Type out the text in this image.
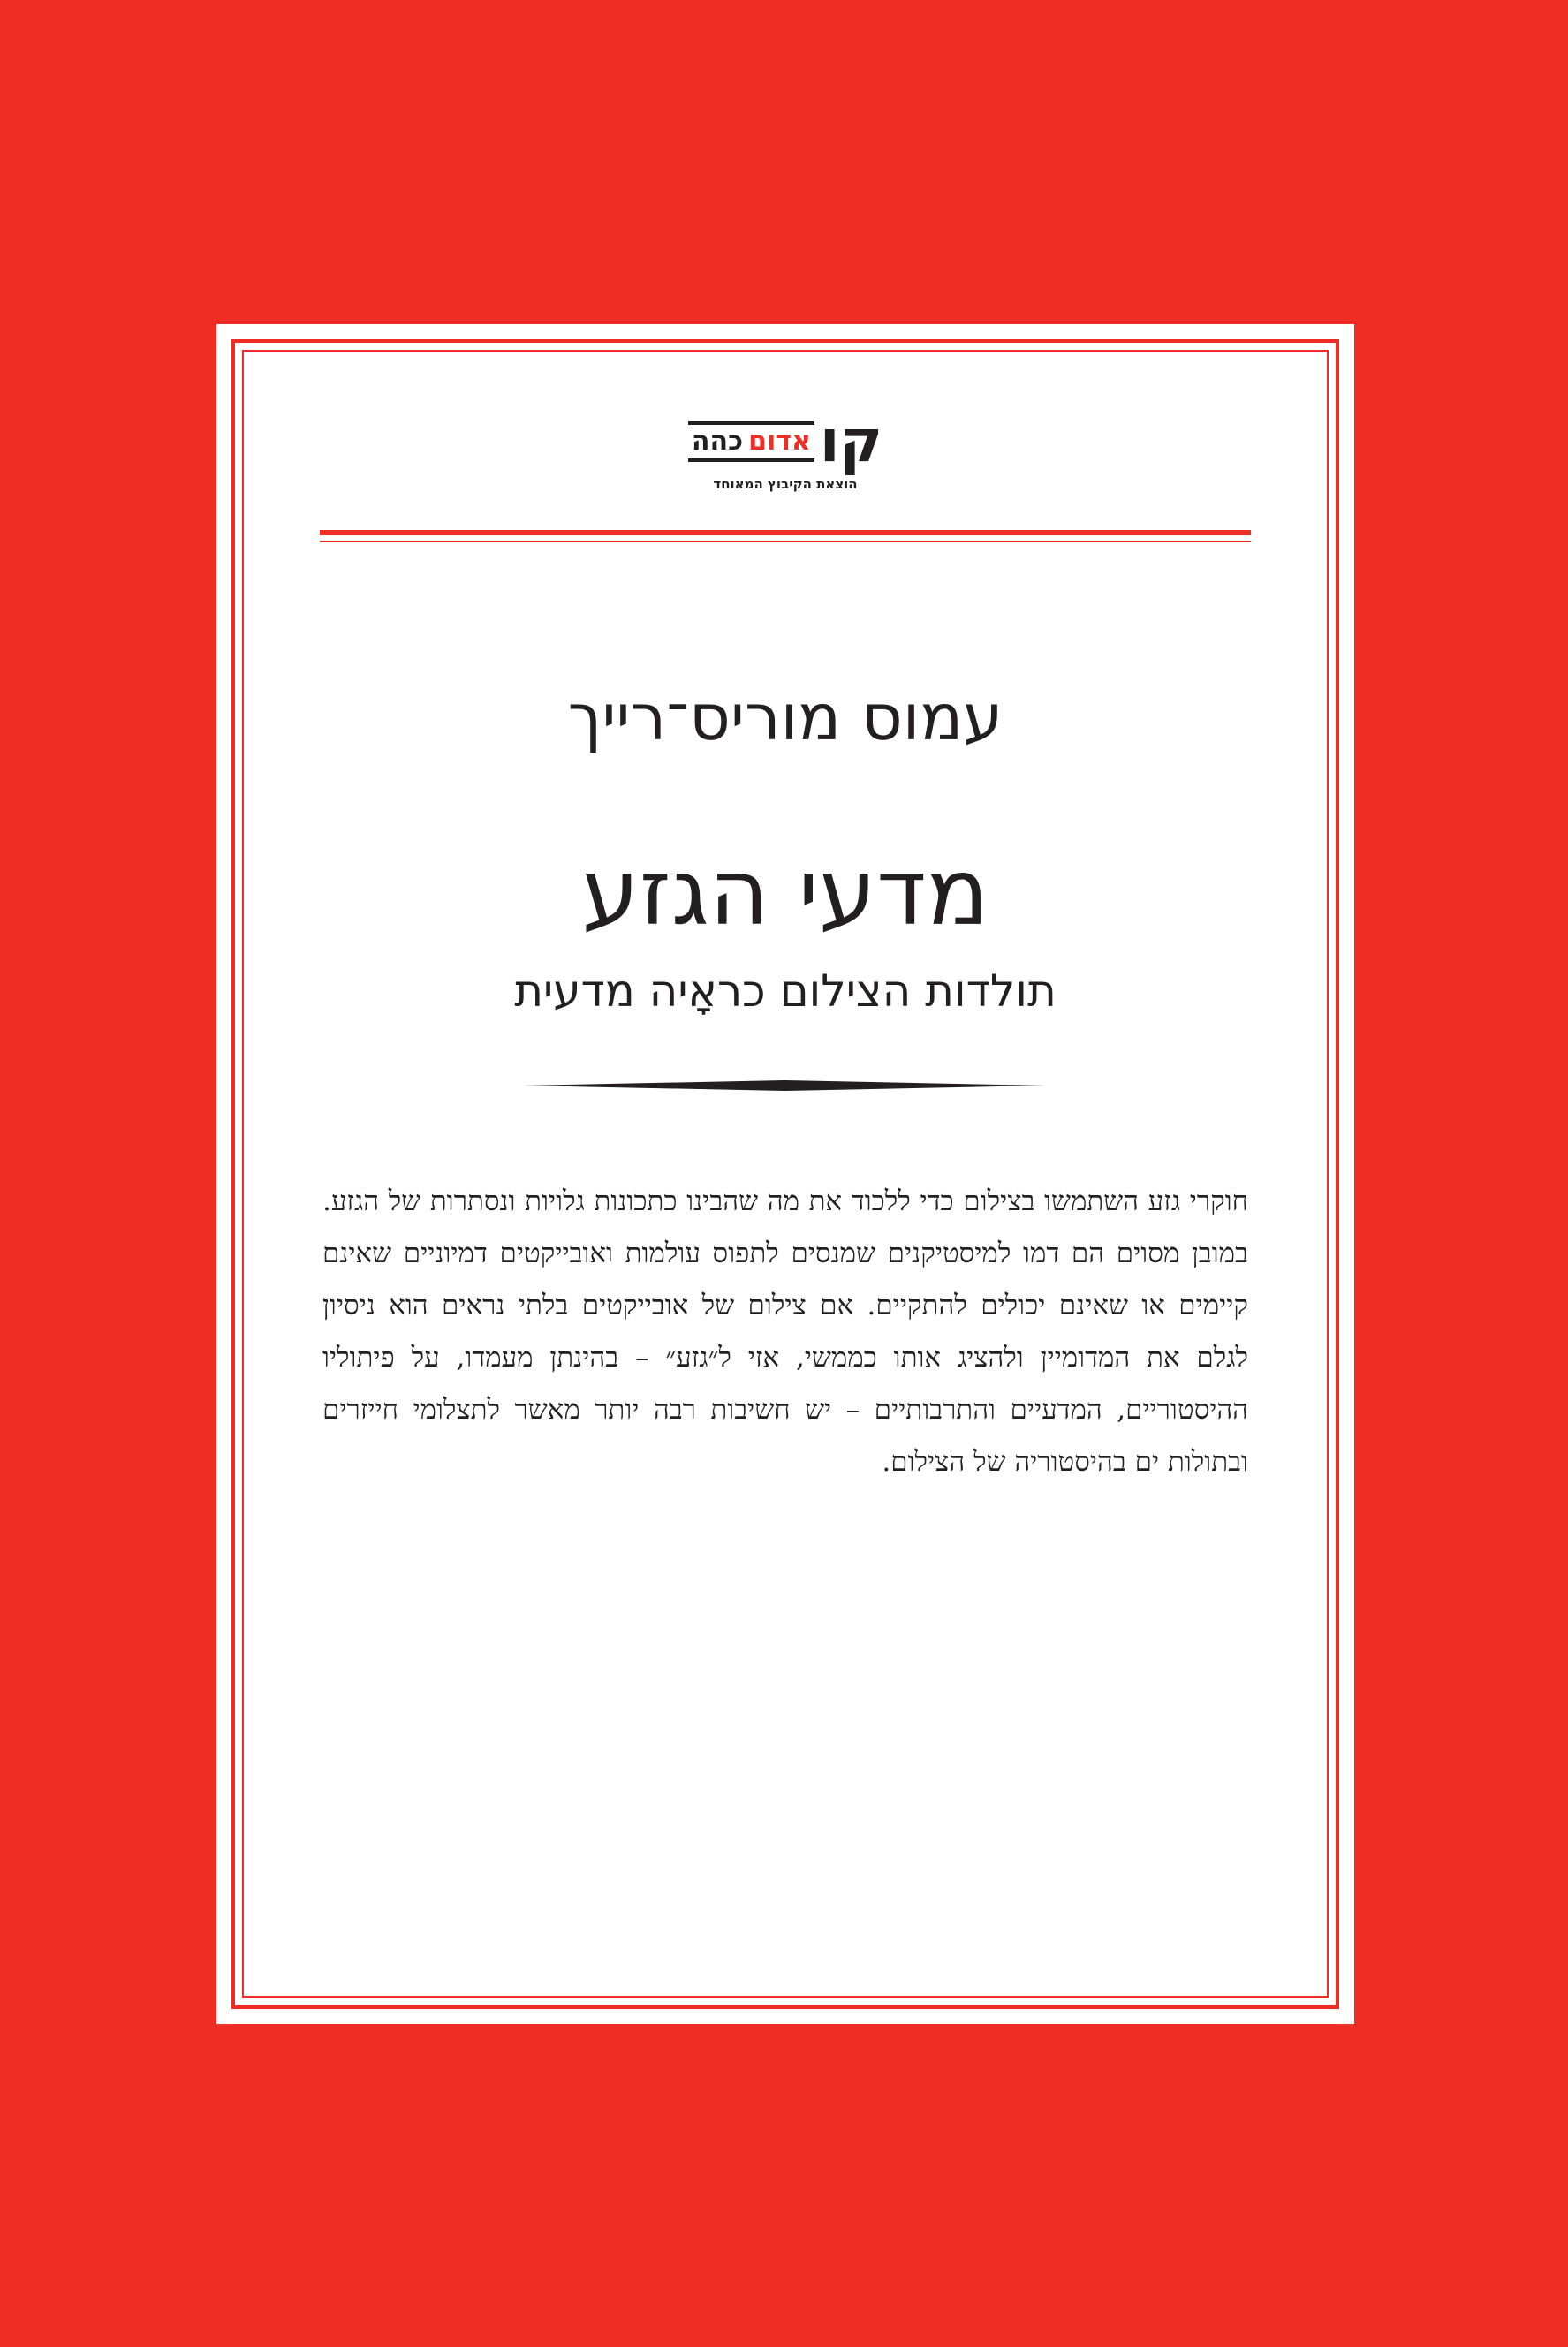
קו
אדום
כהה
הוצאת הקיבוץ המאוחד
עמוס מוריס־רייך
מדעי הגזע
תולדות הצילום כראָיה מדעית
חוקרי גזע השתמשו בצילום כדי ללכוד את מה שהבינו כתכונות גלויות ונסתרות של הגזע. במובן מסוים הם דמו למיסטיקנים שמנסים לתפוס עולמות ואובייקטים דמיוניים שאינם קיימים או שאינם יכולים להתקיים. אם צילום של אובייקטים בלתי נראים הוא ניסיון לגלם את המדומיין ולהציג אותו כממשי, אזי ל״גזע״ – בהינתן מעמדו, על פיתוליו ההיסטוריים, המדעיים והתרבותיים – יש חשיבות רבה יותר מאשר לתצלומי חייזרים ובתולות ים בהיסטוריה של הצילום.
